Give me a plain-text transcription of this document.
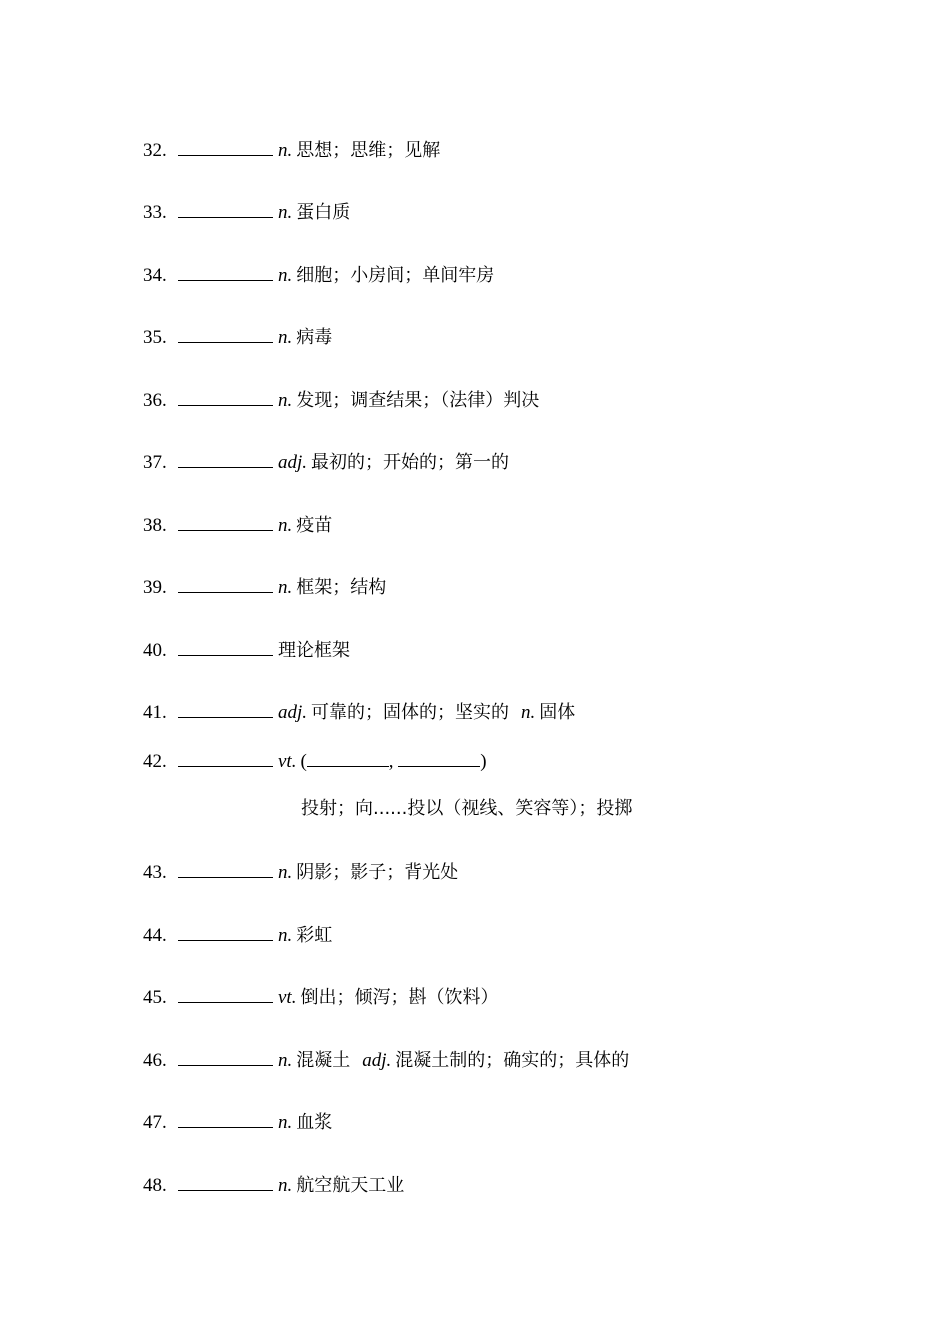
32.	n. 思想；思维；见解
33.	n. 蛋白质
34.	n. 细胞；小房间；单间牢房
35.	n. 病毒
36.	n. 发现；调查结果；（法律）判决
37.	adj. 最初的；开始的；第一的
38.	n. 疫苗
39.	n. 框架；结构
40.	理论框架
41.	adj. 可靠的；固体的；坚实的 n. 固体
42.	vt. (	,	)
投射；向......投以（视线、笑容等）；投掷
43.	n. 阴影；影子；背光处
44.	n. 彩虹
45.	vt. 倒出；倾泻；斟（饮料）
46.	n. 混凝土 adj. 混凝土制的；确实的；具体的
47.	n. 血浆
48.	n. 航空航天工业
